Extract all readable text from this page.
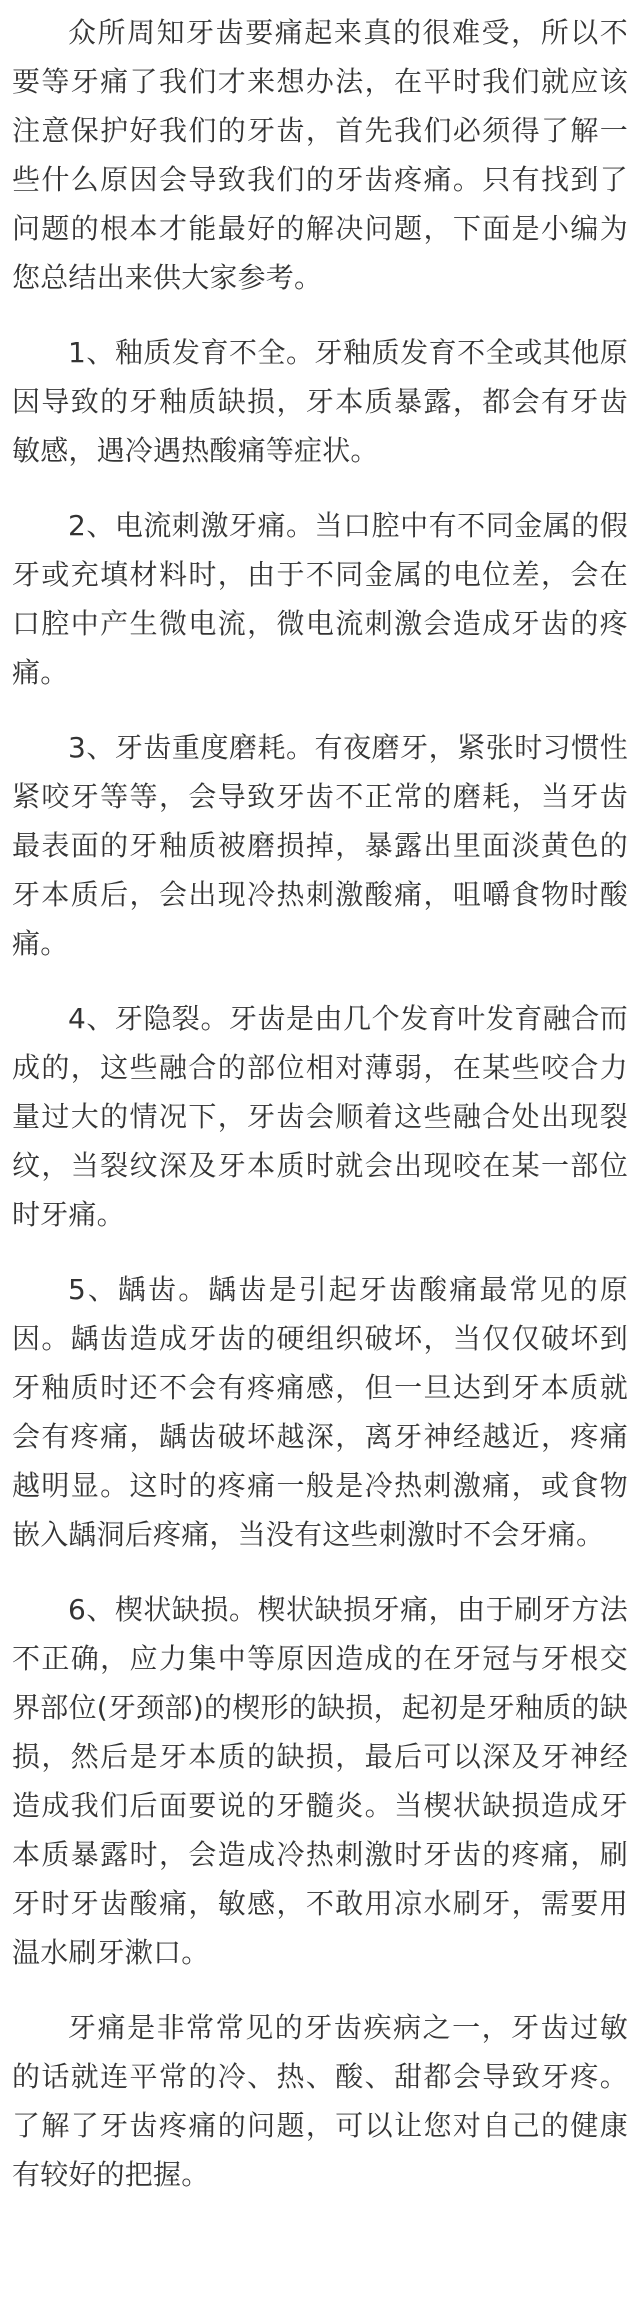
众所周知牙齿要痛起来真的很难受，所以不要等牙痛了我们才来想办法，在平时我们就应该注意保护好我们的牙齿，首先我们必须得了解一些什么原因会导致我们的牙齿疼痛。只有找到了问题的根本才能最好的解决问题，下面是小编为您总结出来供大家参考。

1、釉质发育不全。牙釉质发育不全或其他原因导致的牙釉质缺损，牙本质暴露，都会有牙齿敏感，遇冷遇热酸痛等症状。

2、电流刺激牙痛。当口腔中有不同金属的假牙或充填材料时，由于不同金属的电位差，会在口腔中产生微电流，微电流刺激会造成牙齿的疼痛。

3、牙齿重度磨耗。有夜磨牙，紧张时习惯性紧咬牙等等，会导致牙齿不正常的磨耗，当牙齿最表面的牙釉质被磨损掉，暴露出里面淡黄色的牙本质后，会出现冷热刺激酸痛，咀嚼食物时酸痛。

4、牙隐裂。牙齿是由几个发育叶发育融合而成的，这些融合的部位相对薄弱，在某些咬合力量过大的情况下，牙齿会顺着这些融合处出现裂纹，当裂纹深及牙本质时就会出现咬在某一部位时牙痛。

5、龋齿。龋齿是引起牙齿酸痛最常见的原因。龋齿造成牙齿的硬组织破坏，当仅仅破坏到牙釉质时还不会有疼痛感，但一旦达到牙本质就会有疼痛，龋齿破坏越深，离牙神经越近，疼痛越明显。这时的疼痛一般是冷热刺激痛，或食物嵌入龋洞后疼痛，当没有这些刺激时不会牙痛。

6、楔状缺损。楔状缺损牙痛，由于刷牙方法不正确，应力集中等原因造成的在牙冠与牙根交界部位(牙颈部)的楔形的缺损，起初是牙釉质的缺损，然后是牙本质的缺损，最后可以深及牙神经造成我们后面要说的牙髓炎。当楔状缺损造成牙本质暴露时，会造成冷热刺激时牙齿的疼痛，刷牙时牙齿酸痛，敏感，不敢用凉水刷牙，需要用温水刷牙漱口。

牙痛是非常常见的牙齿疾病之一，牙齿过敏的话就连平常的冷、热、酸、甜都会导致牙疼。了解了牙齿疼痛的问题，可以让您对自己的健康有较好的把握。
